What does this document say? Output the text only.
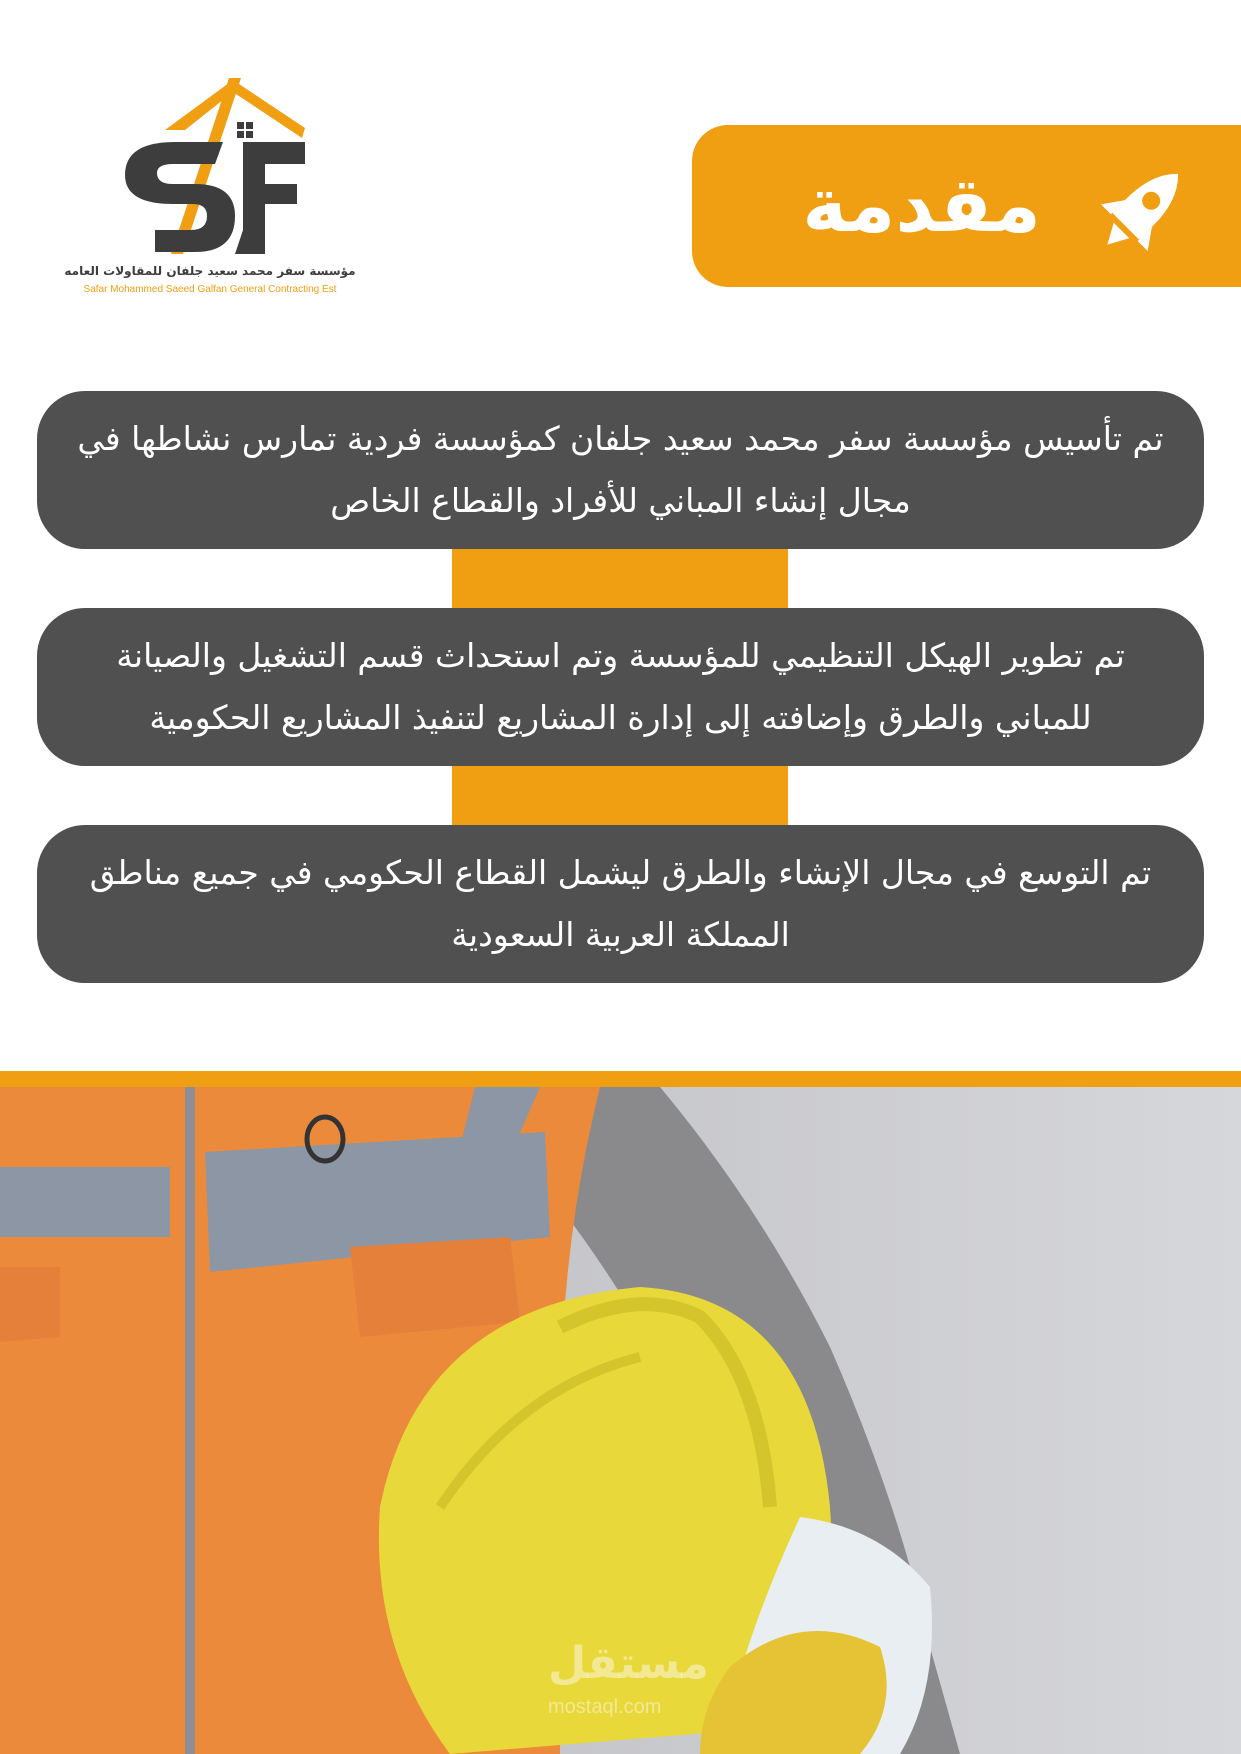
مؤسسة سفر محمد سعيد جلفان للمقاولات العامه
Safar Mohammed Saeed Galfan General Contracting Est
مقدمة

تم تأسيس مؤسسة سفر محمد سعيد جلفان كمؤسسة فردية تمارس نشاطها في مجال إنشاء المباني للأفراد والقطاع الخاص

تم تطوير الهيكل التنظيمي للمؤسسة وتم استحداث قسم التشغيل والصيانة للمباني والطرق وإضافته إلى إدارة المشاريع لتنفيذ المشاريع الحكومية

تم التوسع في مجال الإنشاء والطرق ليشمل القطاع الحكومي في جميع مناطق المملكة العربية السعودية

مستقل
mostaql.com
